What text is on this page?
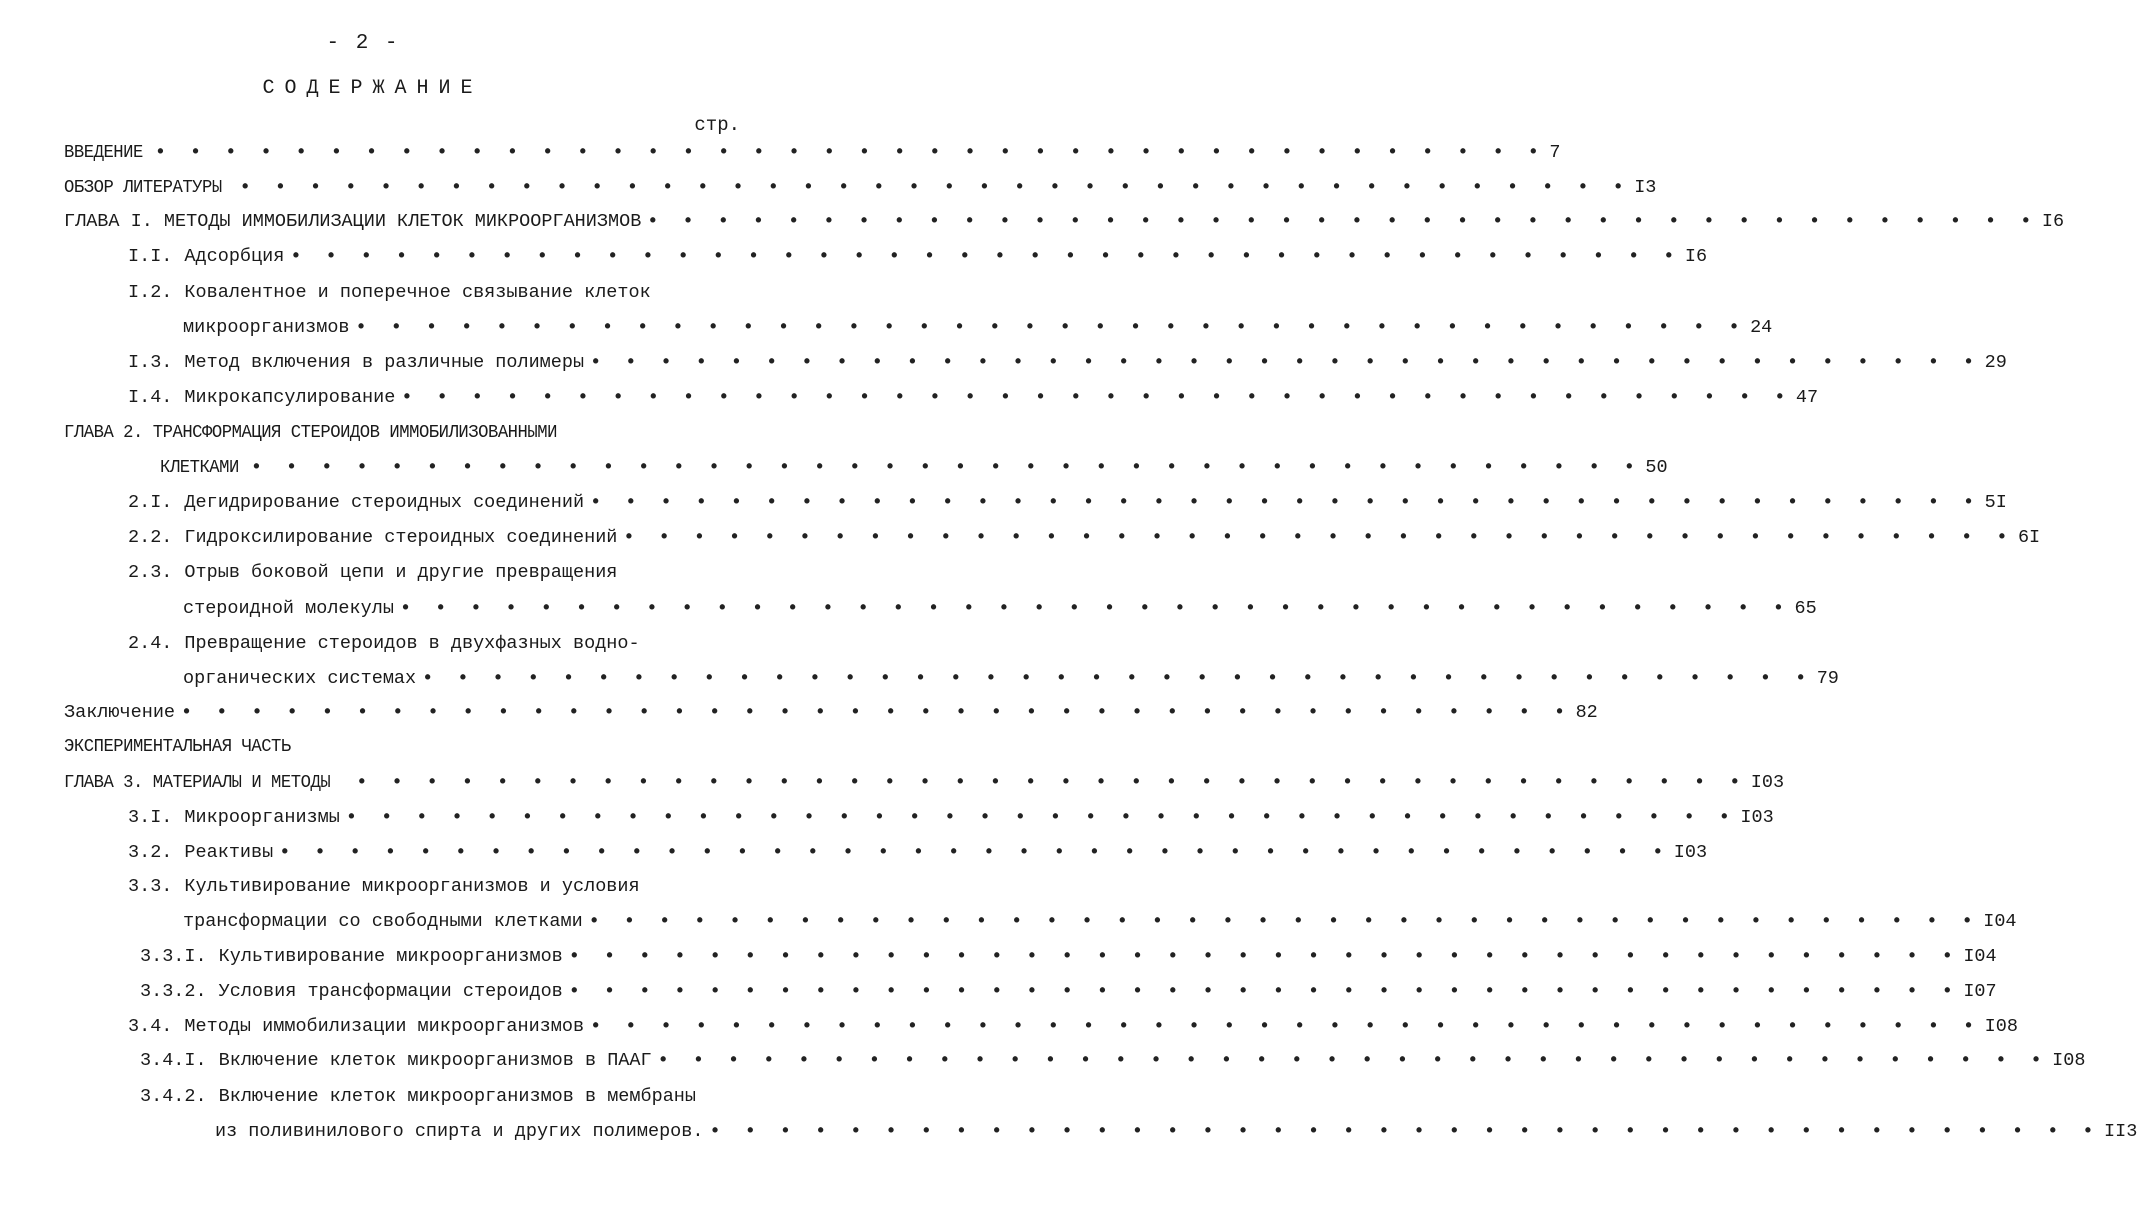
- 2 -
СОДЕРЖАНИЕ
стр.
ВВЕДЕНИЕ • • • • • • • • • • • • • • • • • • • • • • • • • • • • • • • • • • • • • • • • 7
ОБЗОР ЛИТЕРАТУРЫ • • • • • • • • • • • • • • • • • • • • • • • • • • • • • • • • • • • • • • • • I3
ГЛАВА I. МЕТОДЫ ИММОБИЛИЗАЦИИ КЛЕТОК МИКРООРГАНИЗМОВ • • • • • • • • • • • • • • • • • • • • • • • • • • • • • • • • • • • • • • • • I6
I.I. Адсорбция • • • • • • • • • • • • • • • • • • • • • • • • • • • • • • • • • • • • • • • • I6
I.2. Ковалентное и поперечное связывание клеток
микроорганизмов • • • • • • • • • • • • • • • • • • • • • • • • • • • • • • • • • • • • • • • • 24
I.3. Метод включения в различные полимеры • • • • • • • • • • • • • • • • • • • • • • • • • • • • • • • • • • • • • • • • 29
I.4. Микрокапсулирование • • • • • • • • • • • • • • • • • • • • • • • • • • • • • • • • • • • • • • • • 47
ГЛАВА 2. ТРАНСФОРМАЦИЯ СТЕРОИДОВ ИММОБИЛИЗОВАННЫМИ
КЛЕТКАМИ • • • • • • • • • • • • • • • • • • • • • • • • • • • • • • • • • • • • • • • • 50
2.I. Дегидрирование стероидных соединений • • • • • • • • • • • • • • • • • • • • • • • • • • • • • • • • • • • • • • • • 5I
2.2. Гидроксилирование стероидных соединений • • • • • • • • • • • • • • • • • • • • • • • • • • • • • • • • • • • • • • • • 6I
2.3. Отрыв боковой цепи и другие превращения
стероидной молекулы • • • • • • • • • • • • • • • • • • • • • • • • • • • • • • • • • • • • • • • • 65
2.4. Превращение стероидов в двухфазных водно-
органических системах • • • • • • • • • • • • • • • • • • • • • • • • • • • • • • • • • • • • • • • • 79
Заключение • • • • • • • • • • • • • • • • • • • • • • • • • • • • • • • • • • • • • • • • 82
ЭКСПЕРИМЕНТАЛЬНАЯ ЧАСТЬ
ГЛАВА 3. МАТЕРИАЛЫ И МЕТОДЫ	• • • • • • • • • • • • • • • • • • • • • • • • • • • • • • • • • • • • • • • • I03
3.I. Микроорганизмы • • • • • • • • • • • • • • • • • • • • • • • • • • • • • • • • • • • • • • • • I03
3.2. Реактивы • • • • • • • • • • • • • • • • • • • • • • • • • • • • • • • • • • • • • • • • I03
3.3. Культивирование микроорганизмов и условия
трансформации со свободными клетками • • • • • • • • • • • • • • • • • • • • • • • • • • • • • • • • • • • • • • • • I04
3.3.I. Культивирование микроорганизмов • • • • • • • • • • • • • • • • • • • • • • • • • • • • • • • • • • • • • • • • I04
3.3.2. Условия трансформации стероидов • • • • • • • • • • • • • • • • • • • • • • • • • • • • • • • • • • • • • • • • I07
3.4. Методы иммобилизации микроорганизмов • • • • • • • • • • • • • • • • • • • • • • • • • • • • • • • • • • • • • • • • I08
3.4.I. Включение клеток микроорганизмов в ПААГ • • • • • • • • • • • • • • • • • • • • • • • • • • • • • • • • • • • • • • • • I08
3.4.2. Включение клеток микроорганизмов в мембраны
из поливинилового спирта и других полимеров. • • • • • • • • • • • • • • • • • • • • • • • • • • • • • • • • • • • • • • • • II3
